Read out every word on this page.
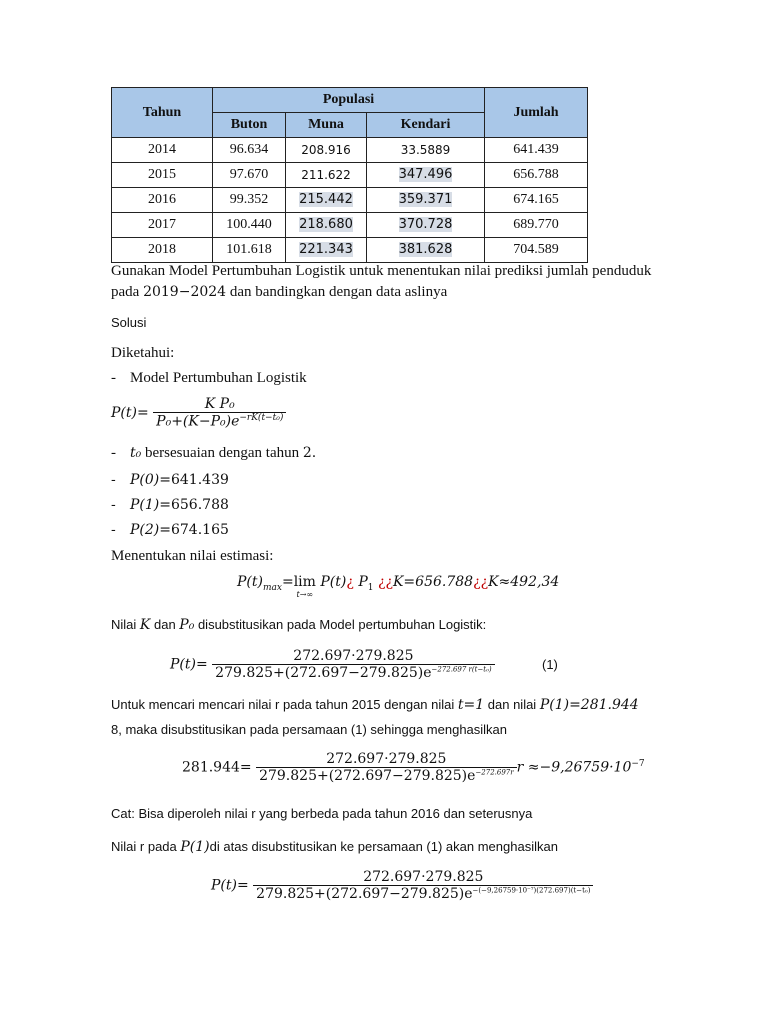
Tahun	Populasi			Jumlah
	Buton	Muna	Kendari	
2014	96.634	208.916	33.5889	641.439
2015	97.670	211.622	347.496	656.788
2016	99.352	215.442	359.371	674.165
2017	100.440	218.680	370.728	689.770
2018	101.618	221.343	381.628	704.589
Gunakan Model Pertumbuhan Logistik untuk menentukan nilai prediksi jumlah penduduk
pada 2019−2024 dan bandingkan dengan data aslinya
Solusi
Diketahui:
- Model Pertumbuhan Logistik
$P(t)= \frac{\text{K P₀}}{P_0+(K-P_0)e^{-rK(t-t_0)}}$
- t₀ bersesuaian dengan tahun 2.
- P(0)=641.439
- P(1)=656.788
- P(2)=674.165
Menentukan nilai estimasi:
$P(t)_{max}= \lim$
t→∞
P(t)¿ $P_1$ ¿¿K=656.788¿¿K≈492,34
Nilai K dan P₀ disubstitusikan pada Model pertumbuhan Logistik:
$P(t)= \frac{272.697\cdot 279.825}{279.825+(272.697-279.825)e^{-272.697 r(t-t_0)}}$	(1)
Untuk mencari mencari nilai r pada tahun 2015 dengan nilai t=1 dan nilai P(1)=281.944
8, maka disubstitusikan pada persamaan (1) sehingga menghasilkan
$281.944= \frac{272.697\cdot 279.825}{279.825+(272.697-279.825)e^{-272.697r}}$ $r \approx-9,26759\cdot 10^{-7}$
Cat: Bisa diperoleh nilai r yang berbeda pada tahun 2016 dan seterusnya
Nilai r pada P(1)di atas disubstitusikan ke persamaan (1) akan menghasilkan
$P(t)= \frac{272.697\cdot 279.825}{279.825+(272.697-279.825)e^{-(-9,26759\cdot 10^{-7})(272.697)(t-t_0)}}$
